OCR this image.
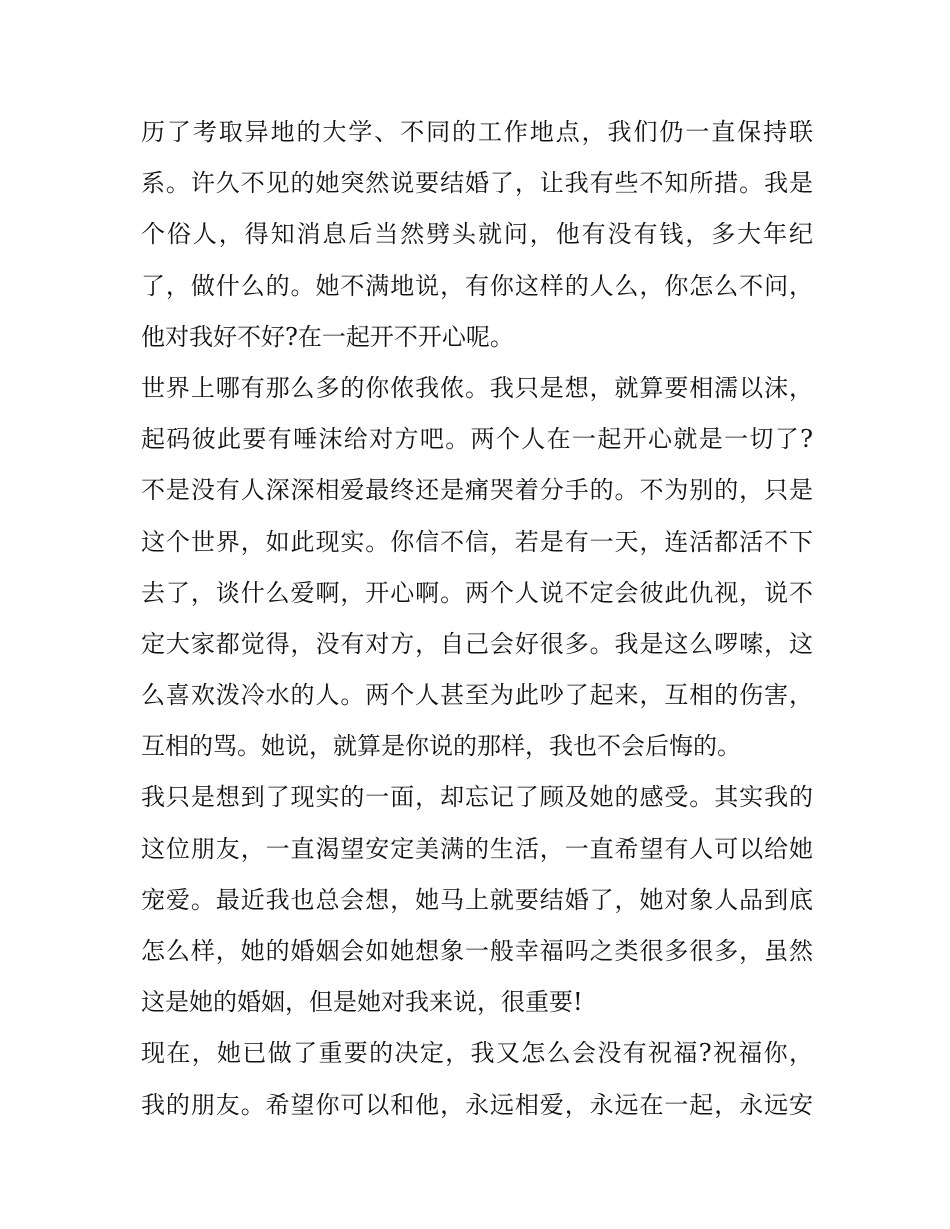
历了考取异地的大学、不同的工作地点，我们仍一直保持联
系。许久不见的她突然说要结婚了，让我有些不知所措。我是
个俗人，得知消息后当然劈头就问，他有没有钱，多大年纪
了，做什么的。她不满地说，有你这样的人么，你怎么不问，
他对我好不好?在一起开不开心呢。
世界上哪有那么多的你侬我侬。我只是想，就算要相濡以沫，
起码彼此要有唾沫给对方吧。两个人在一起开心就是一切了?
不是没有人深深相爱最终还是痛哭着分手的。不为别的，只是
这个世界，如此现实。你信不信，若是有一天，连活都活不下
去了，谈什么爱啊，开心啊。两个人说不定会彼此仇视，说不
定大家都觉得，没有对方，自己会好很多。我是这么啰嗦，这
么喜欢泼冷水的人。两个人甚至为此吵了起来，互相的伤害，
互相的骂。她说，就算是你说的那样，我也不会后悔的。
我只是想到了现实的一面，却忘记了顾及她的感受。其实我的
这位朋友，一直渴望安定美满的生活，一直希望有人可以给她
宠爱。最近我也总会想，她马上就要结婚了，她对象人品到底
怎么样，她的婚姻会如她想象一般幸福吗之类很多很多，虽然
这是她的婚姻，但是她对我来说，很重要!
现在，她已做了重要的决定，我又怎么会没有祝福?祝福你，
我的朋友。希望你可以和他，永远相爱，永远在一起，永远安
